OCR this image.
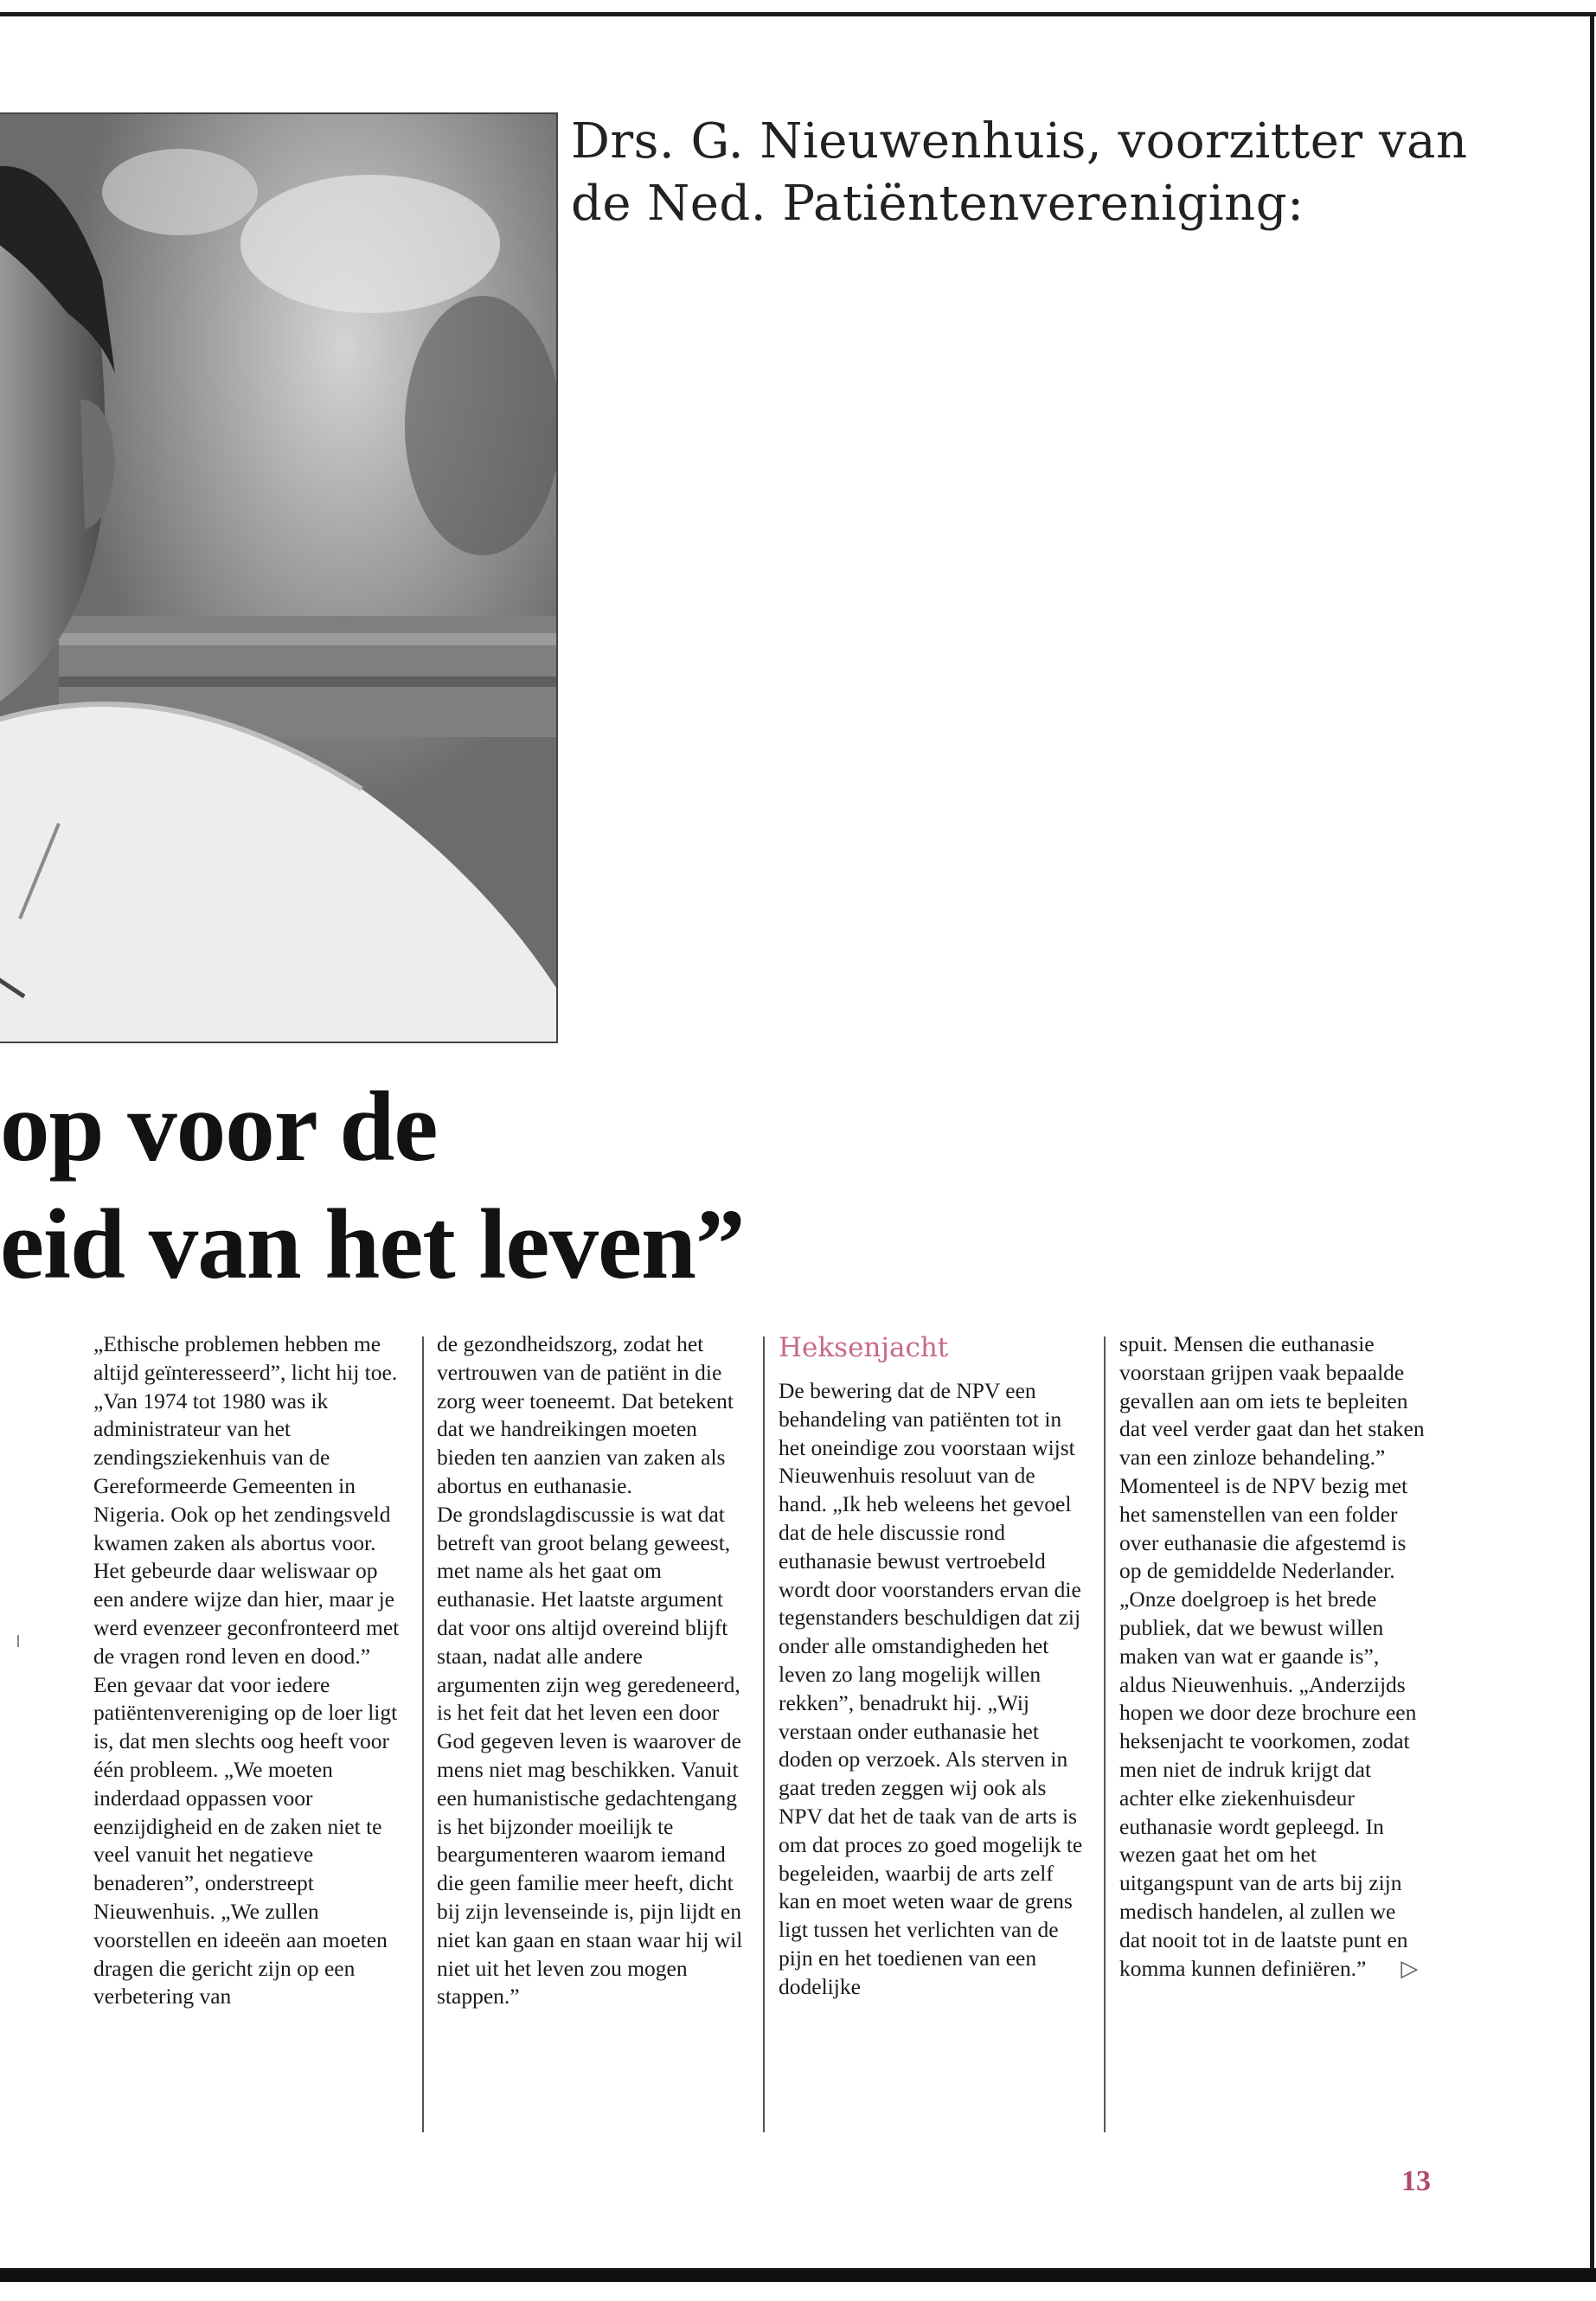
Drs. G. Nieuwenhuis, voorzitter van
de Ned. Patiëntenvereniging:
op voor de
eid van het leven”

„Ethische problemen hebben me altijd geïnteresseerd”, licht hij toe. „Van 1974 tot 1980 was ik administrateur van het zendingsziekenhuis van de Gereformeerde Gemeenten in Nigeria. Ook op het zendingsveld kwamen zaken als abortus voor. Het gebeurde daar weliswaar op een andere wijze dan hier, maar je werd evenzeer geconfronteerd met de vragen rond leven en dood.”

Een gevaar dat voor iedere patiëntenvereniging op de loer ligt is, dat men slechts oog heeft voor één probleem. „We moeten inderdaad oppassen voor eenzijdigheid en de zaken niet te veel vanuit het negatieve benaderen”, onderstreept Nieuwenhuis. „We zullen voorstellen en ideeën aan moeten dragen die gericht zijn op een verbetering van

de gezondheidszorg, zodat het vertrouwen van de patiënt in die zorg weer toeneemt. Dat betekent dat we handreikingen moeten bieden ten aanzien van zaken als abortus en euthanasie.

De grondslagdiscussie is wat dat betreft van groot belang geweest, met name als het gaat om euthanasie. Het laatste argument dat voor ons altijd overeind blijft staan, nadat alle andere argumenten zijn weg geredeneerd, is het feit dat het leven een door God gegeven leven is waarover de mens niet mag beschikken. Vanuit een humanistische gedachtengang is het bijzonder moeilijk te beargumenteren waarom iemand die geen familie meer heeft, dicht bij zijn levenseinde is, pijn lijdt en niet kan gaan en staan waar hij wil niet uit het leven zou mogen stappen.”

Heksenjacht

De bewering dat de NPV een behandeling van patiënten tot in het oneindige zou voorstaan wijst Nieuwenhuis resoluut van de hand. „Ik heb weleens het gevoel dat de hele discussie rond euthanasie bewust vertroebeld wordt door voorstanders ervan die tegenstanders beschuldigen dat zij onder alle omstandigheden het leven zo lang mogelijk willen rekken”, benadrukt hij. „Wij verstaan onder euthanasie het doden op verzoek. Als sterven in gaat treden zeggen wij ook als NPV dat het de taak van de arts is om dat proces zo goed mogelijk te begeleiden, waarbij de arts zelf kan en moet weten waar de grens ligt tussen het verlichten van de pijn en het toedienen van een dodelijke

spuit. Mensen die euthanasie voorstaan grijpen vaak bepaalde gevallen aan om iets te bepleiten dat veel verder gaat dan het staken van een zinloze behandeling.”

Momenteel is de NPV bezig met het samenstellen van een folder over euthanasie die afgestemd is op de gemiddelde Nederlander.

„Onze doelgroep is het brede publiek, dat we bewust willen maken van wat er gaande is”, aldus Nieuwenhuis. „Anderzijds hopen we door deze brochure een heksenjacht te voorkomen, zodat men niet de indruk krijgt dat achter elke ziekenhuisdeur euthanasie wordt gepleegd. In wezen gaat het om het uitgangspunt van de arts bij zijn medisch handelen, al zullen we dat nooit tot in de laatste punt en komma kunnen definiëren.” ▷

13
